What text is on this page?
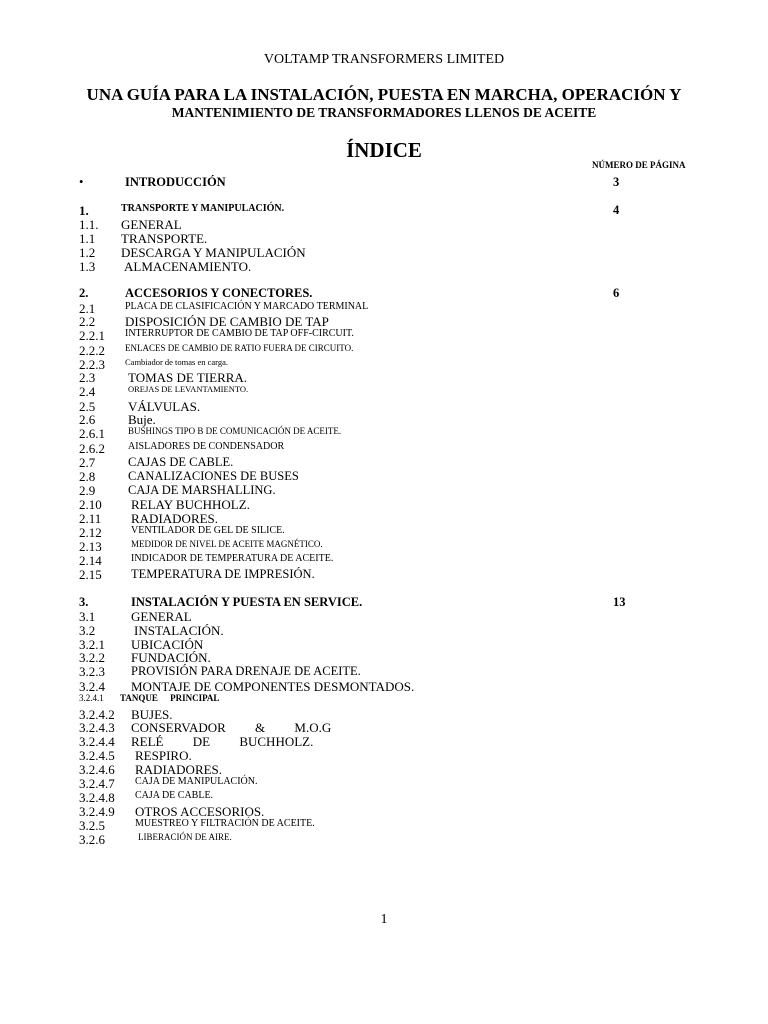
VOLTAMP TRANSFORMERS LIMITED
UNA GUÍA PARA LA INSTALACIÓN, PUESTA EN MARCHA, OPERACIÓN Y
MANTENIMIENTO DE TRANSFORMADORES LLENOS DE ACEITE
ÍNDICE
NÚMERO DE PÁGINA
•	INTRODUCCIÓN	3
1.	TRANSPORTE Y MANIPULACIÓN.	4
1.1. GENERAL
1.1 TRANSPORTE.
1.2 DESCARGA Y MANIPULACIÓN
1.3 ALMACENAMIENTO.
2.	ACCESORIOS Y CONECTORES.	6
2.1	PLACA DE CLASIFICACIÓN Y MARCADO TERMINAL
2.2 DISPOSICIÓN DE CAMBIO DE TAP
2.2.1 INTERRUPTOR DE CAMBIO DE TAP OFF-CIRCUIT.
2.2.2 ENLACES DE CAMBIO DE RATIO FUERA DE CIRCUITO.
2.2.3 Cambiador de tomas en carga.
2.3	TOMAS DE TIERRA.
2.4	OREJAS DE LEVANTAMIENTO.
2.5	VÁLVULAS.
2.6	Buje.
2.6.1	BUSHINGS TIPO B DE COMUNICACIÓN DE ACEITE.
2.6.2 AISLADORES DE CONDENSADOR
2.7	CAJAS DE CABLE.
2.8	CANALIZACIONES DE BUSES
2.9	CAJA DE MARSHALLING.
2.10 RELAY BUCHHOLZ.
2.11 RADIADORES.
2.12	VENTILADOR DE GEL DE SILICE.
2.13	MEDIDOR DE NIVEL DE ACEITE MAGNÉTICO.
2.14	INDICADOR DE TEMPERATURA DE ACEITE.
2.15 TEMPERATURA DE IMPRESIÓN.
3.	INSTALACIÓN Y PUESTA EN SERVICE.	13
3.1	GENERAL
3.2	INSTALACIÓN.
3.2.1 UBICACIÓN
3.2.2 FUNDACIÓN.
3.2.3 PROVISIÓN PARA DRENAJE DE ACEITE.
3.2.4 MONTAJE DE COMPONENTES DESMONTADOS.
3.2.4.1 TANQUE PRINCIPAL
3.2.4.2 BUJES.
3.2.4.3 CONSERVADOR & M.O.G
3.2.4.4 RELÉ DE BUCHHOLZ.
3.2.4.5 RESPIRO.
3.2.4.6 RADIADORES.
3.2.4.7 CAJA DE MANIPULACIÓN.
3.2.4.8 CAJA DE CABLE.
3.2.4.9 OTROS ACCESORIOS.
3.2.5	MUESTREO Y FILTRACIÓN DE ACEITE.
3.2.6	LIBERACIÓN DE AIRE.
1
